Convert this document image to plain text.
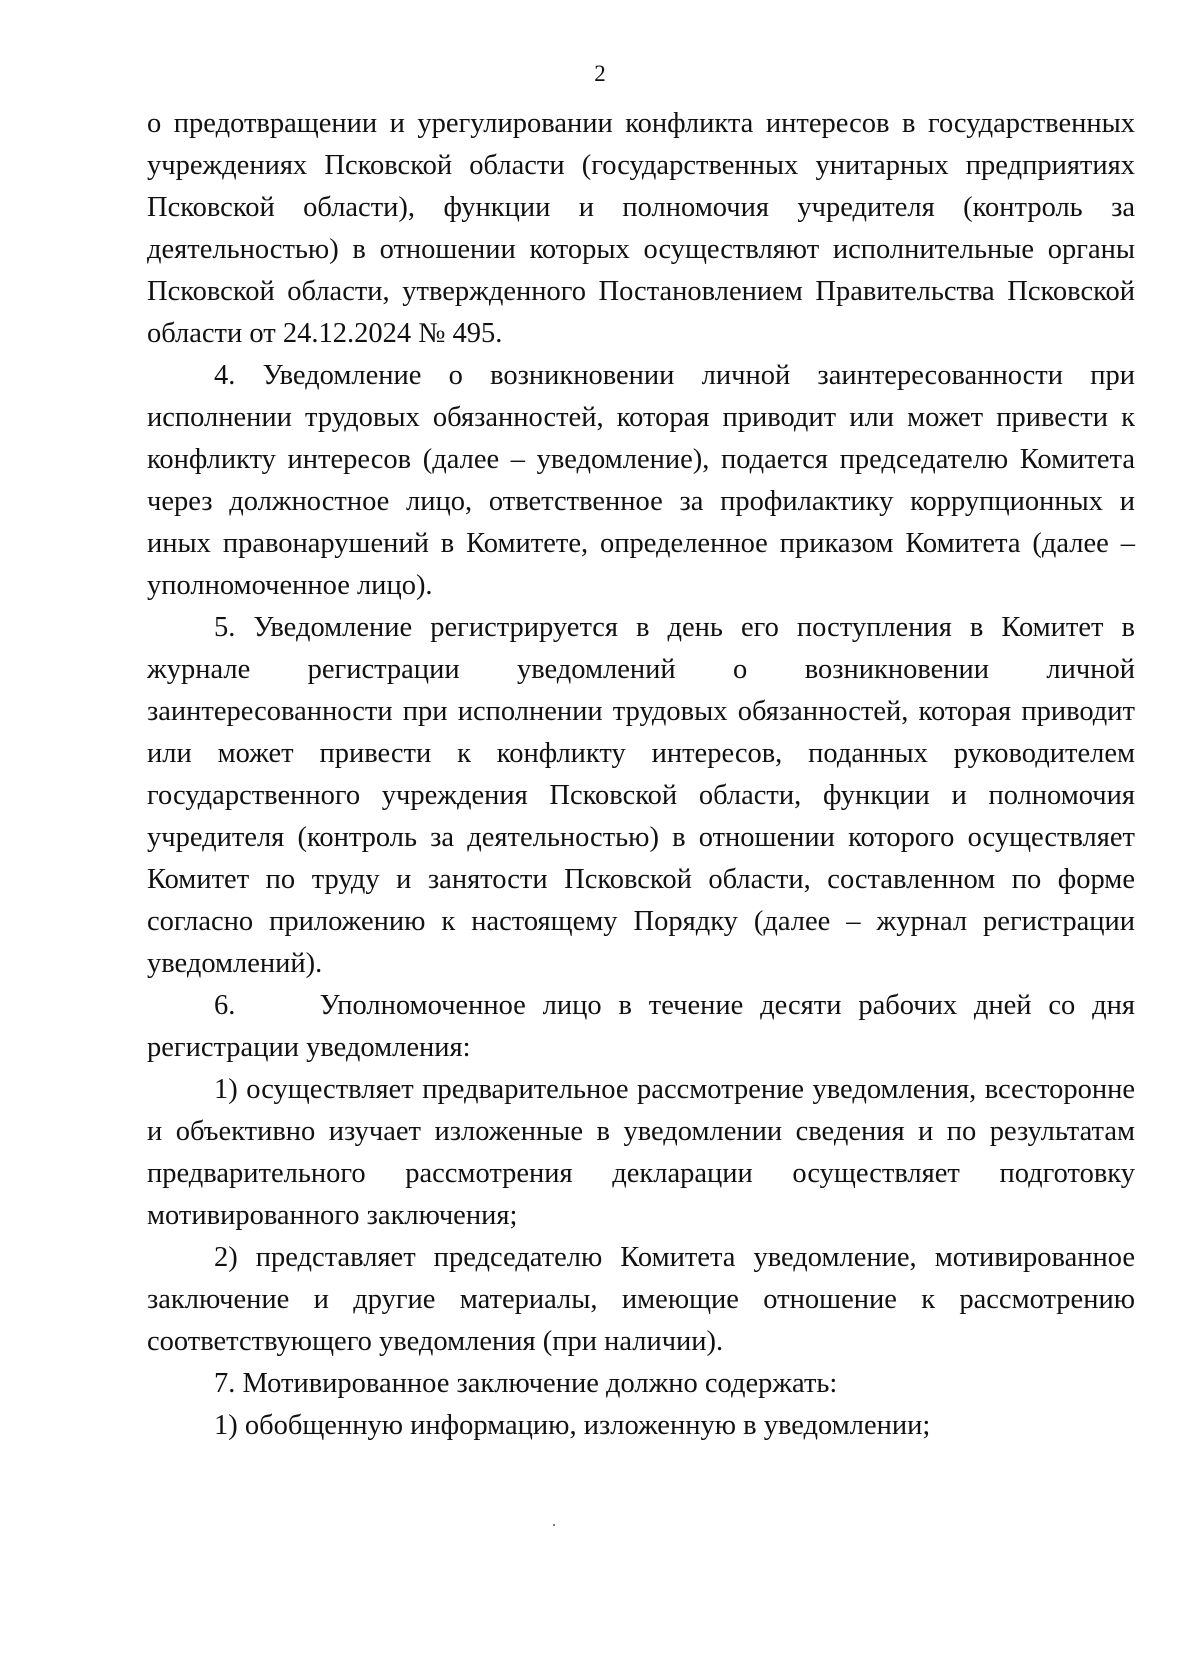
2

о предотвращении и урегулировании конфликта интересов в государственных учреждениях Псковской области (государственных унитарных предприятиях Псковской области), функции и полномочия учредителя (контроль за деятельностью) в отношении которых осуществляют исполнительные органы Псковской области, утвержденного Постановлением Правительства Псковской области от 24.12.2024 № 495.

4. Уведомление о возникновении личной заинтересованности при исполнении трудовых обязанностей, которая приводит или может привести к конфликту интересов (далее – уведомление), подается председателю Комитета через должностное лицо, ответственное за профилактику коррупционных и иных правонарушений в Комитете, определенное приказом Комитета (далее – уполномоченное лицо).

5. Уведомление регистрируется в день его поступления в Комитет в журнале регистрации уведомлений о возникновении личной заинтересованности при исполнении трудовых обязанностей, которая приводит или может привести к конфликту интересов, поданных руководителем государственного учреждения Псковской области, функции и полномочия учредителя (контроль за деятельностью) в отношении которого осуществляет Комитет по труду и занятости Псковской области, составленном по форме согласно приложению к настоящему Порядку (далее – журнал регистрации уведомлений).

6.     Уполномоченное лицо в течение десяти рабочих дней со дня регистрации уведомления:

1) осуществляет предварительное рассмотрение уведомления, всесторонне и объективно изучает изложенные в уведомлении сведения и по результатам предварительного рассмотрения декларации осуществляет подготовку мотивированного заключения;

2) представляет председателю Комитета уведомление, мотивированное заключение и другие материалы, имеющие отношение к рассмотрению соответствующего уведомления (при наличии).

7. Мотивированное заключение должно содержать:

1) обобщенную информацию, изложенную в уведомлении;
